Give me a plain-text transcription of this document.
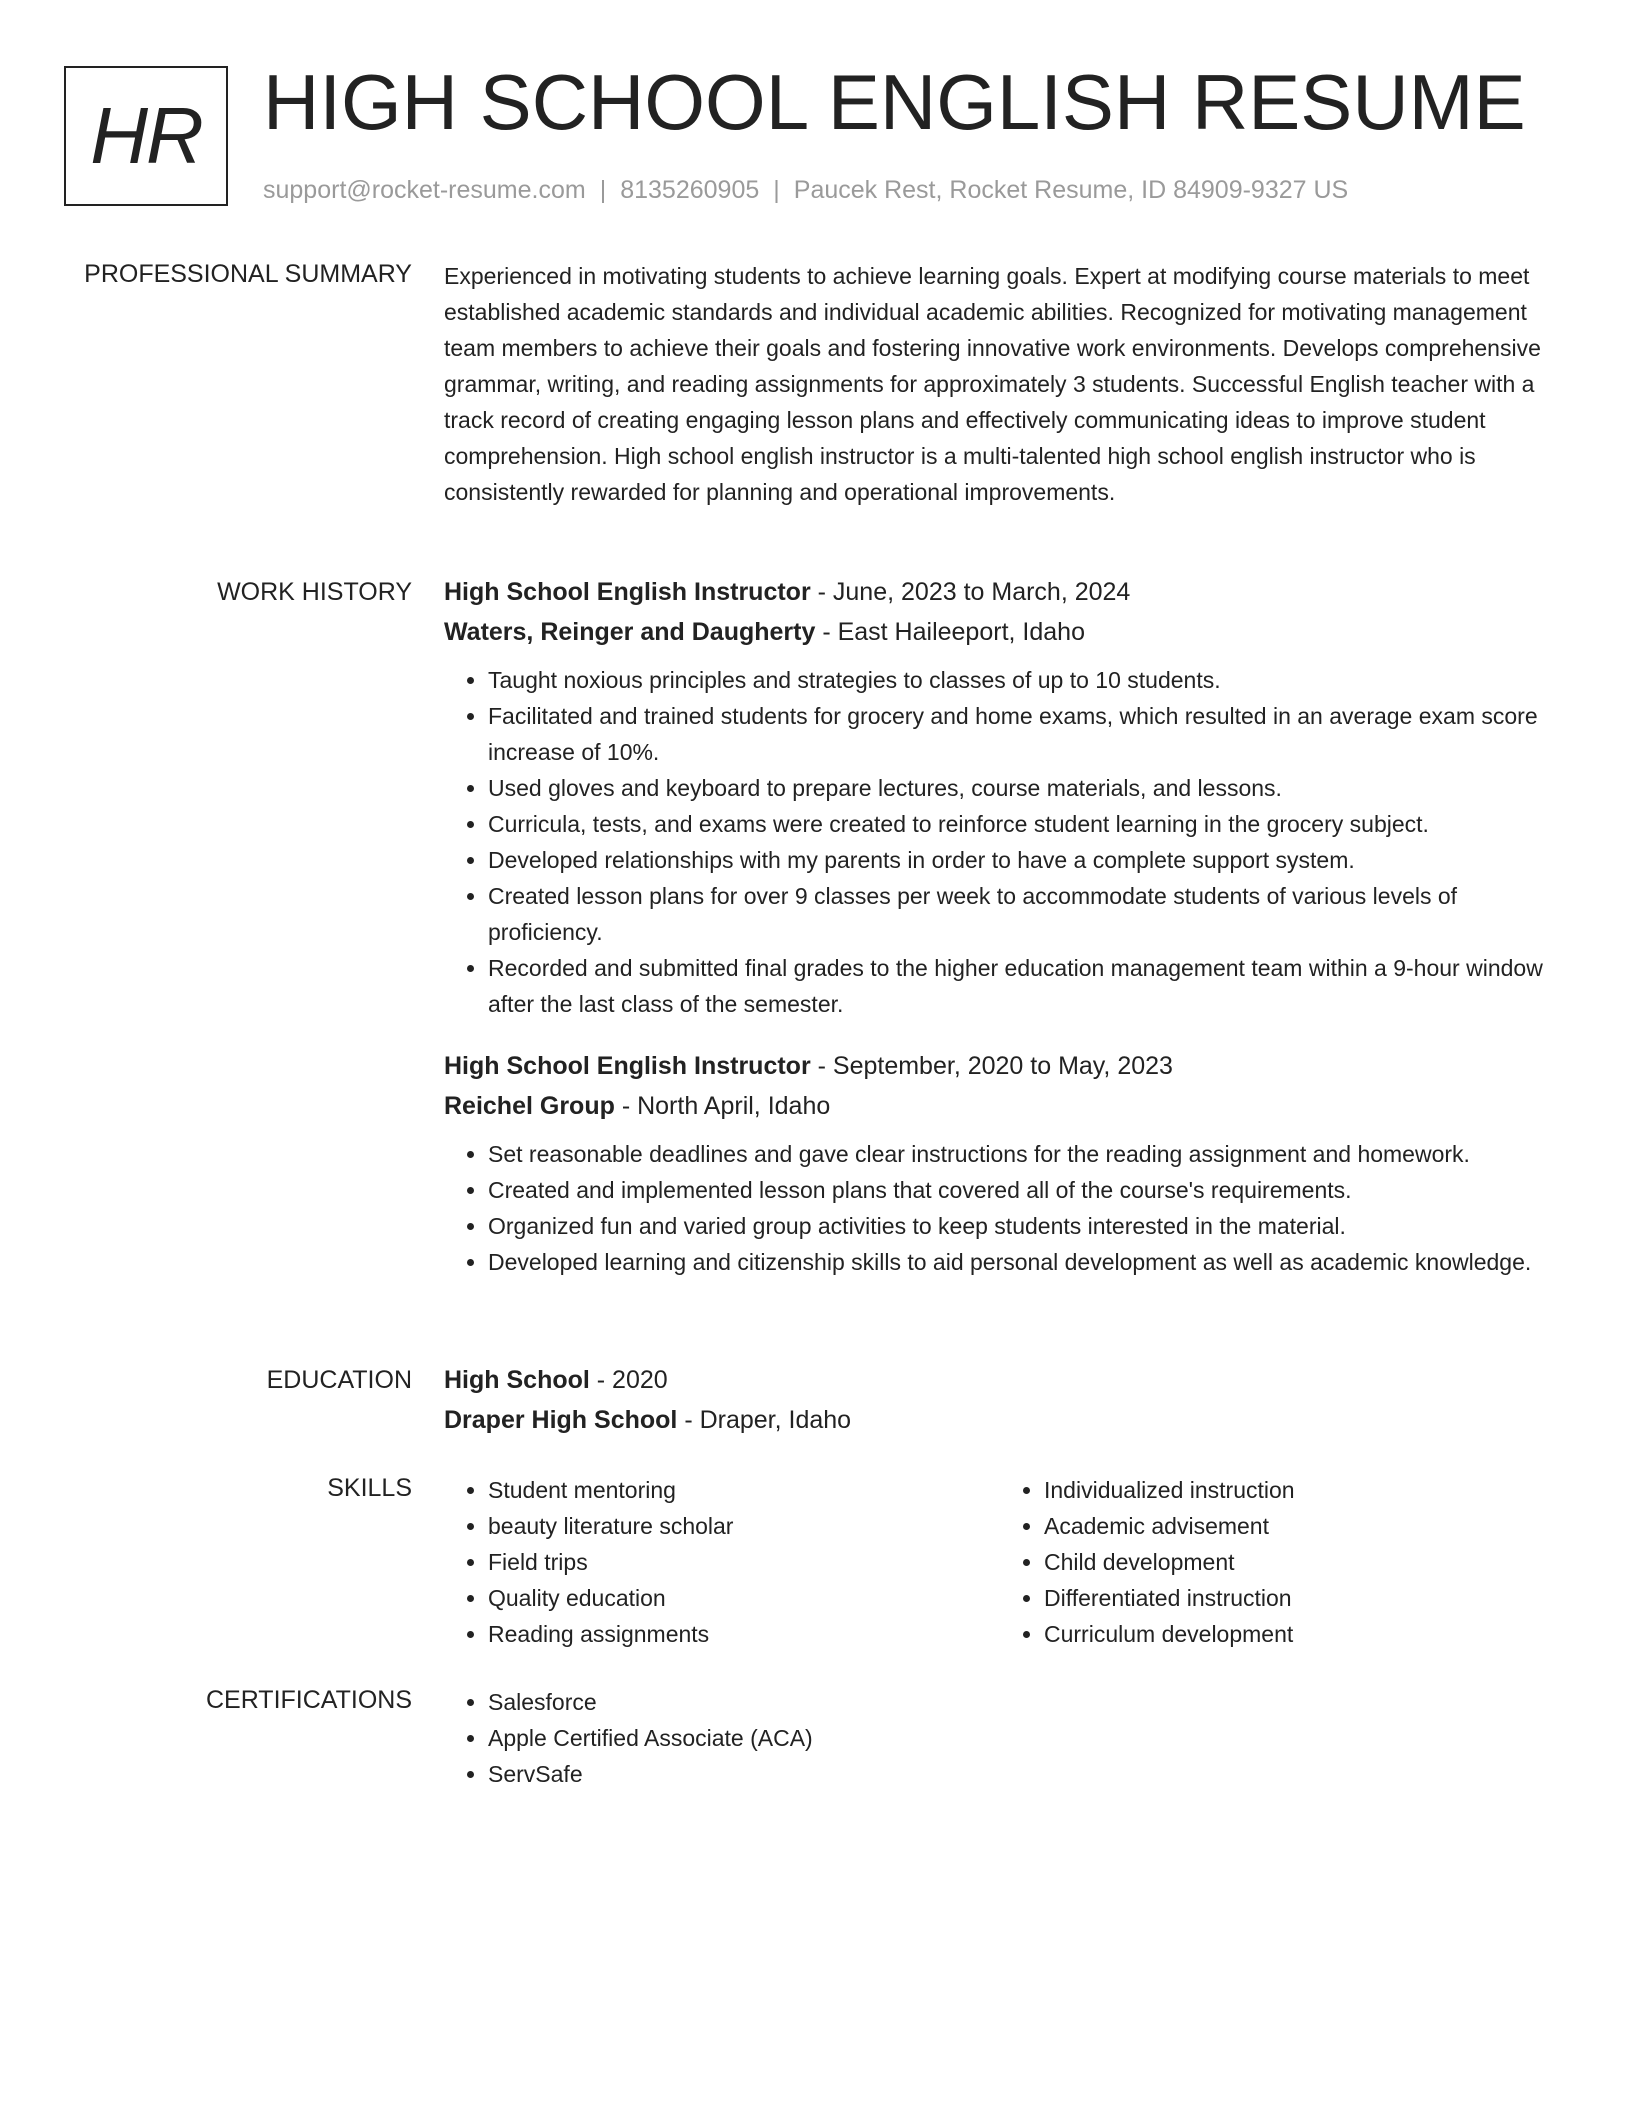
HR HIGH SCHOOL ENGLISH RESUME
support@rocket-resume.com | 8135260905 | Paucek Rest, Rocket Resume, ID 84909-9327 US
PROFESSIONAL SUMMARY Experienced in motivating students to achieve learning goals. Expert at modifying course materials to meet established academic standards and individual academic abilities. Recognized for motivating management team members to achieve their goals and fostering innovative work environments. Develops comprehensive grammar, writing, and reading assignments for approximately 3 students. Successful English teacher with a track record of creating engaging lesson plans and effectively communicating ideas to improve student comprehension. High school english instructor is a multi-talented high school english instructor who is consistently rewarded for planning and operational improvements.

WORK HISTORY High School English Instructor - June, 2023 to March, 2024
Waters, Reinger and Daugherty - East Haileeport, Idaho
• Taught noxious principles and strategies to classes of up to 10 students.
• Facilitated and trained students for grocery and home exams, which resulted in an average exam score increase of 10%.
• Used gloves and keyboard to prepare lectures, course materials, and lessons.
• Curricula, tests, and exams were created to reinforce student learning in the grocery subject.
• Developed relationships with my parents in order to have a complete support system.
• Created lesson plans for over 9 classes per week to accommodate students of various levels of proficiency.
• Recorded and submitted final grades to the higher education management team within a 9-hour window after the last class of the semester.
High School English Instructor - September, 2020 to May, 2023
Reichel Group - North April, Idaho
• Set reasonable deadlines and gave clear instructions for the reading assignment and homework.
• Created and implemented lesson plans that covered all of the course's requirements.
• Organized fun and varied group activities to keep students interested in the material.
• Developed learning and citizenship skills to aid personal development as well as academic knowledge.
EDUCATION High School - 2020
Draper High School - Draper, Idaho
SKILLS	• Student mentoring
• beauty literature scholar
• Field trips
• Quality education
• Reading assignments
• Individualized instruction
• Academic advisement
• Child development
• Differentiated instruction
• Curriculum development
CERTIFICATIONS	• Salesforce
• Apple Certified Associate (ACA)
• ServSafe
